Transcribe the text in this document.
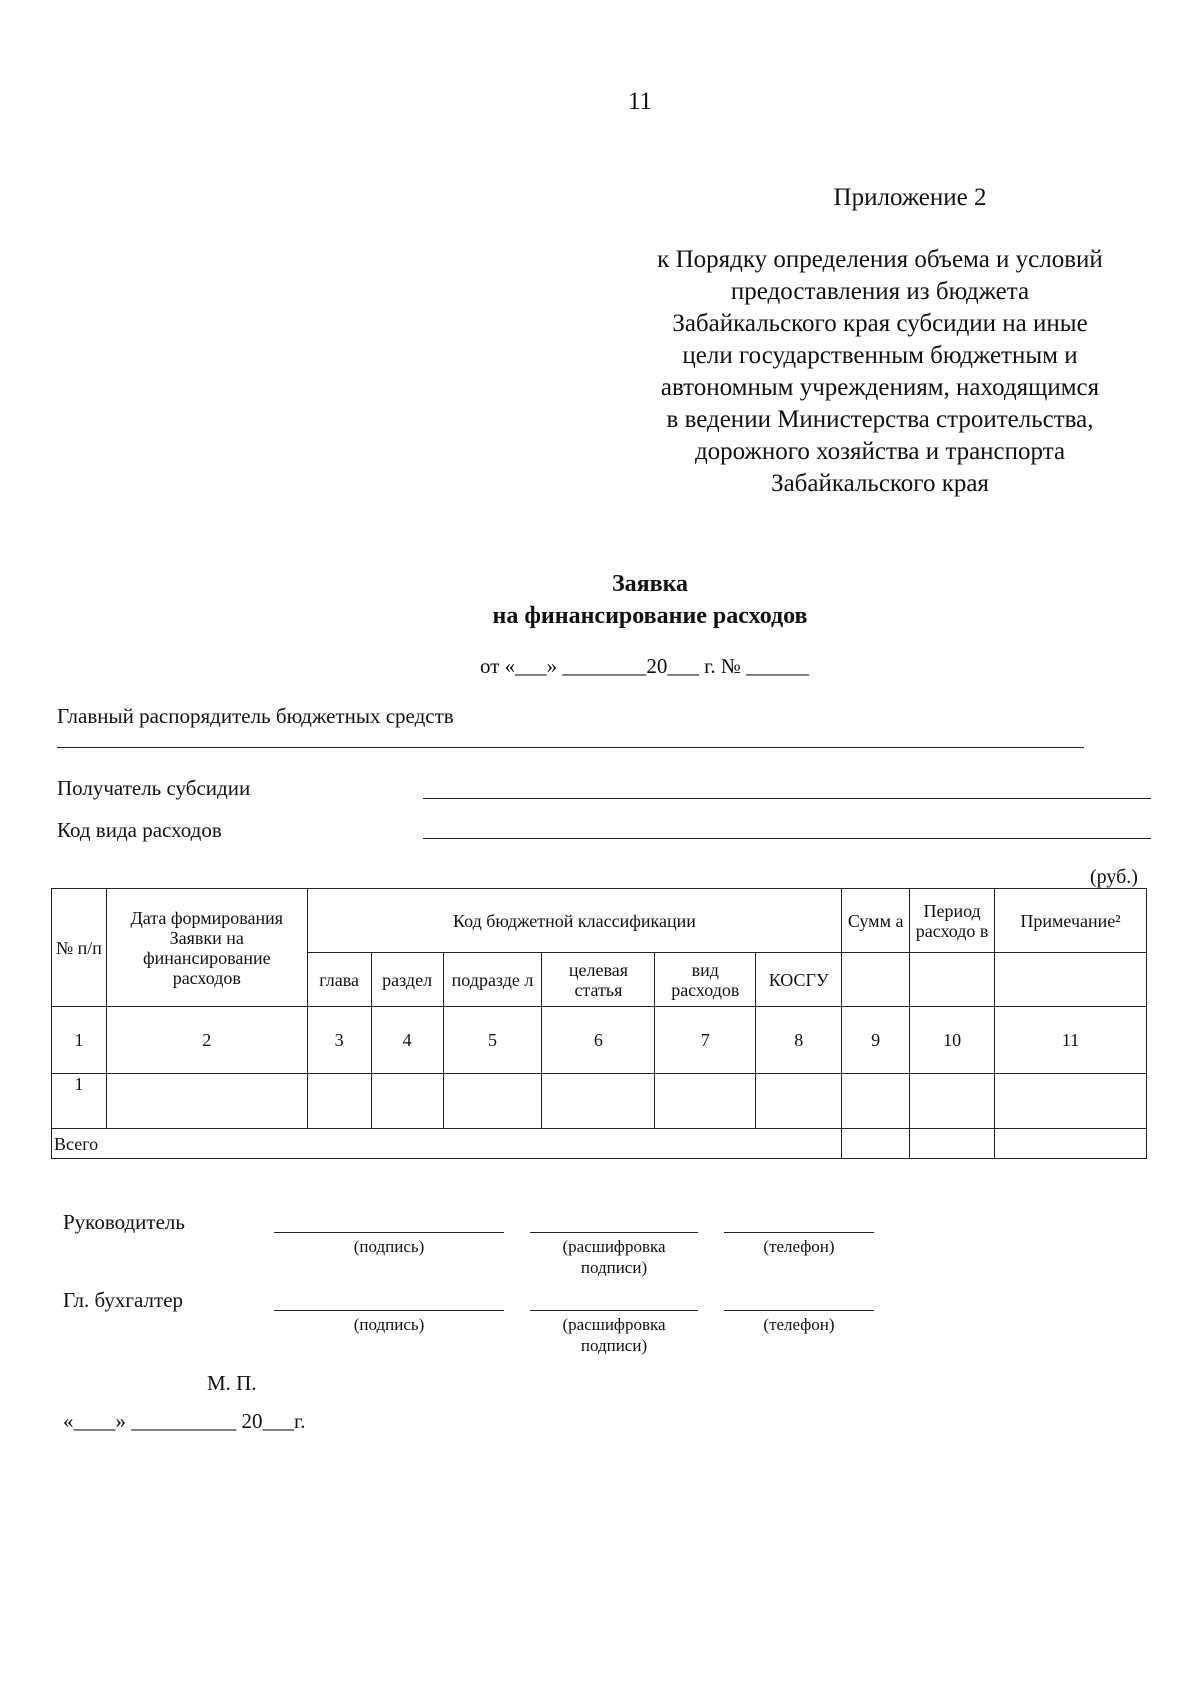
11
Приложение 2
к Порядку определения объема и условий
предоставления из бюджета
Забайкальского края субсидии на иные
цели государственным бюджетным и
автономным учреждениям, находящимся
в ведении Министерства строительства,
дорожного хозяйства и транспорта
Забайкальского края
Заявка
на финансирование расходов
от «___» ________20___ г. № ______
Главный распорядитель бюджетных средств
Получатель субсидии
Код вида расходов
(руб.)
№ п/п	Дата формирования Заявки на финансирование расходов	Код бюджетной классификации						Сумм а	Период расходо в	Примечание²
		глава	раздел	подразде л	целевая статья	вид расходов	КОСГУ			
1	2	3	4	5	6	7	8	9	10	11
1										
Всего										
Руководитель
(подпись)	(расшифровка подписи)
(телефон)
Гл. бухгалтер
(подпись)	(расшифровка подписи)
(телефон)
М. П.
«____» __________ 20___г.
